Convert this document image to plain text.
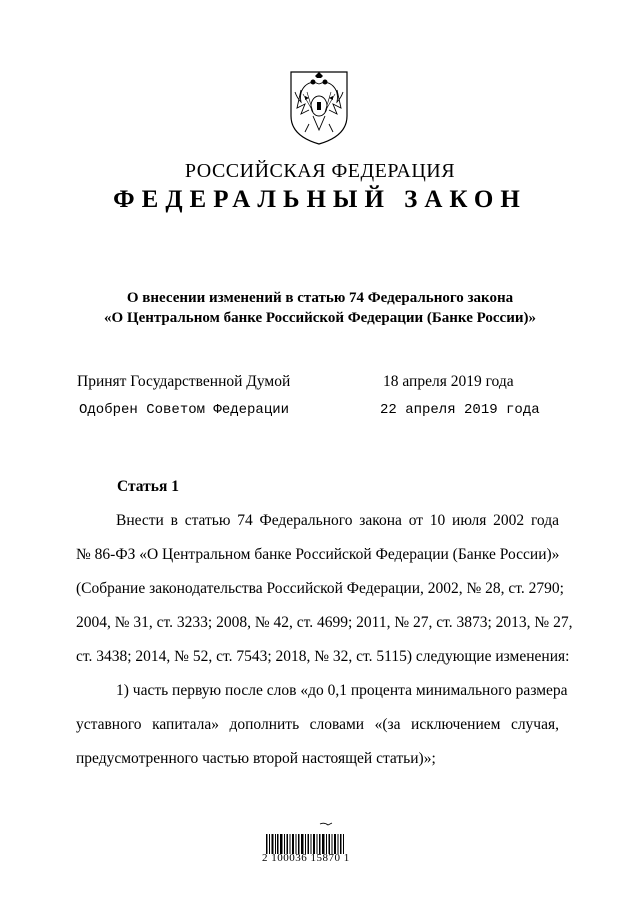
РОССИЙСКАЯ ФЕДЕРАЦИЯ
ФЕДЕРАЛЬНЫЙ ЗАКОН
О внесении изменений в статью 74 Федерального закона
«О Центральном банке Российской Федерации (Банке России)»
Принят Государственной Думой	18 апреля 2019 года
Одобрен Советом Федерации	22 апреля 2019 года
Статья 1
Внести в статью 74 Федерального закона от 10 июля 2002 года
№ 86-ФЗ «О Центральном банке Российской Федерации (Банке России)»
(Собрание законодательства Российской Федерации, 2002, № 28, ст. 2790;
2004, № 31, ст. 3233; 2008, № 42, ст. 4699; 2011, № 27, ст. 3873; 2013, № 27,
ст. 3438; 2014, № 52, ст. 7543; 2018, № 32, ст. 5115) следующие изменения:
1) часть первую после слов «до 0,1 процента минимального размера
уставного капитала» дополнить словами «(за исключением случая,
предусмотренного частью второй настоящей статьи)»;
2 100036 15870 1
